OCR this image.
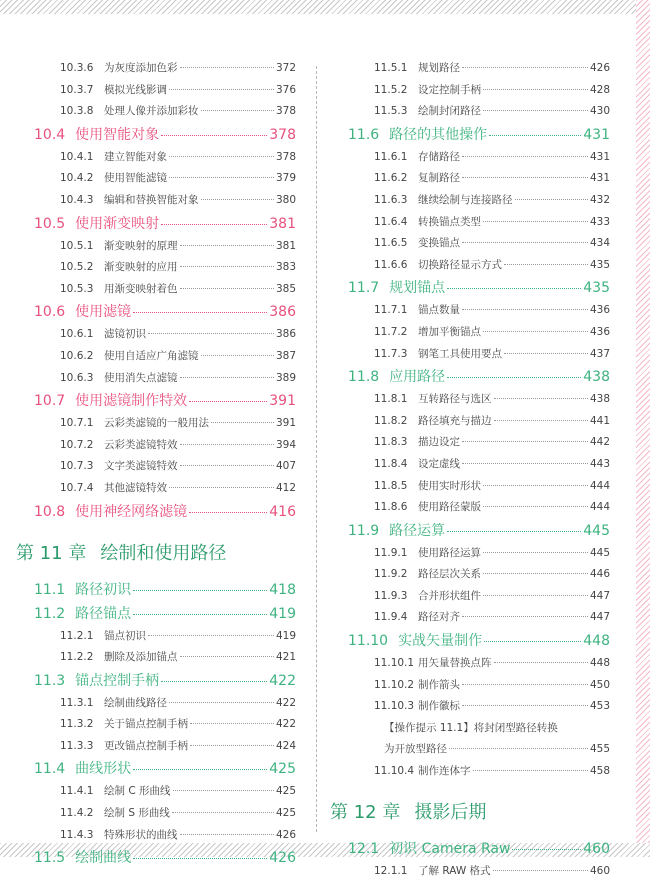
10.3.6	为灰度添加色彩	372
10.3.7	模拟光线影调	376
10.3.8	处理人像并添加彩妆	378
10.4 使用智能对象	378
10.4.1	建立智能对象	378
10.4.2	使用智能滤镜	379
10.4.3	编辑和替换智能对象	380
10.5 使用渐变映射	381
10.5.1	渐变映射的原理	381
10.5.2	渐变映射的应用	383
10.5.3	用渐变映射着色	385
10.6 使用滤镜	386
10.6.1	滤镜初识	386
10.6.2	使用自适应广角滤镜	387
10.6.3	使用消失点滤镜	389
10.7 使用滤镜制作特效	391
10.7.1	云彩类滤镜的一般用法	391
10.7.2	云彩类滤镜特效	394
10.7.3	文字类滤镜特效	407
10.7.4	其他滤镜特效	412
10.8 使用神经网络滤镜	416
第 11 章 绘制和使用路径
11.1 路径初识	418
11.2 路径锚点	419
11.2.1	锚点初识	419
11.2.2	删除及添加锚点	421
11.3 锚点控制手柄	422
11.3.1	绘制曲线路径	422
11.3.2	关于锚点控制手柄	422
11.3.3	更改锚点控制手柄	424
11.4 曲线形状	425
11.4.1	绘制 C 形曲线	425
11.4.2	绘制 S 形曲线	425
11.4.3	特殊形状的曲线	426
11.5 绘制曲线	426
11.5.1	规划路径	426
11.5.2	设定控制手柄	428
11.5.3	绘制封闭路径	430
11.6 路径的其他操作	431
11.6.1	存储路径	431
11.6.2	复制路径	431
11.6.3	继续绘制与连接路径	432
11.6.4	转换锚点类型	433
11.6.5	变换锚点	434
11.6.6	切换路径显示方式	435
11.7 规划锚点	435
11.7.1	锚点数量	436
11.7.2	增加平衡锚点	436
11.7.3	钢笔工具使用要点	437
11.8 应用路径	438
11.8.1	互转路径与选区	438
11.8.2	路径填充与描边	441
11.8.3	描边设定	442
11.8.4	设定虚线	443
11.8.5	使用实时形状	444
11.8.6	使用路径蒙版	444
11.9 路径运算	445
11.9.1	使用路径运算	445
11.9.2	路径层次关系	446
11.9.3	合并形状组件	447
11.9.4	路径对齐	447
11.10 实战矢量制作	448
11.10.1 用矢量替换点阵	448
11.10.2 制作箭头	450
11.10.3 制作徽标	453
【操作提示 11.1】将封闭型路径转换
为开放型路径	455
11.10.4 制作连体字	458
第 12 章 摄影后期
12.1 初识 Camera Raw	460
12.1.1	了解 RAW 格式	460
